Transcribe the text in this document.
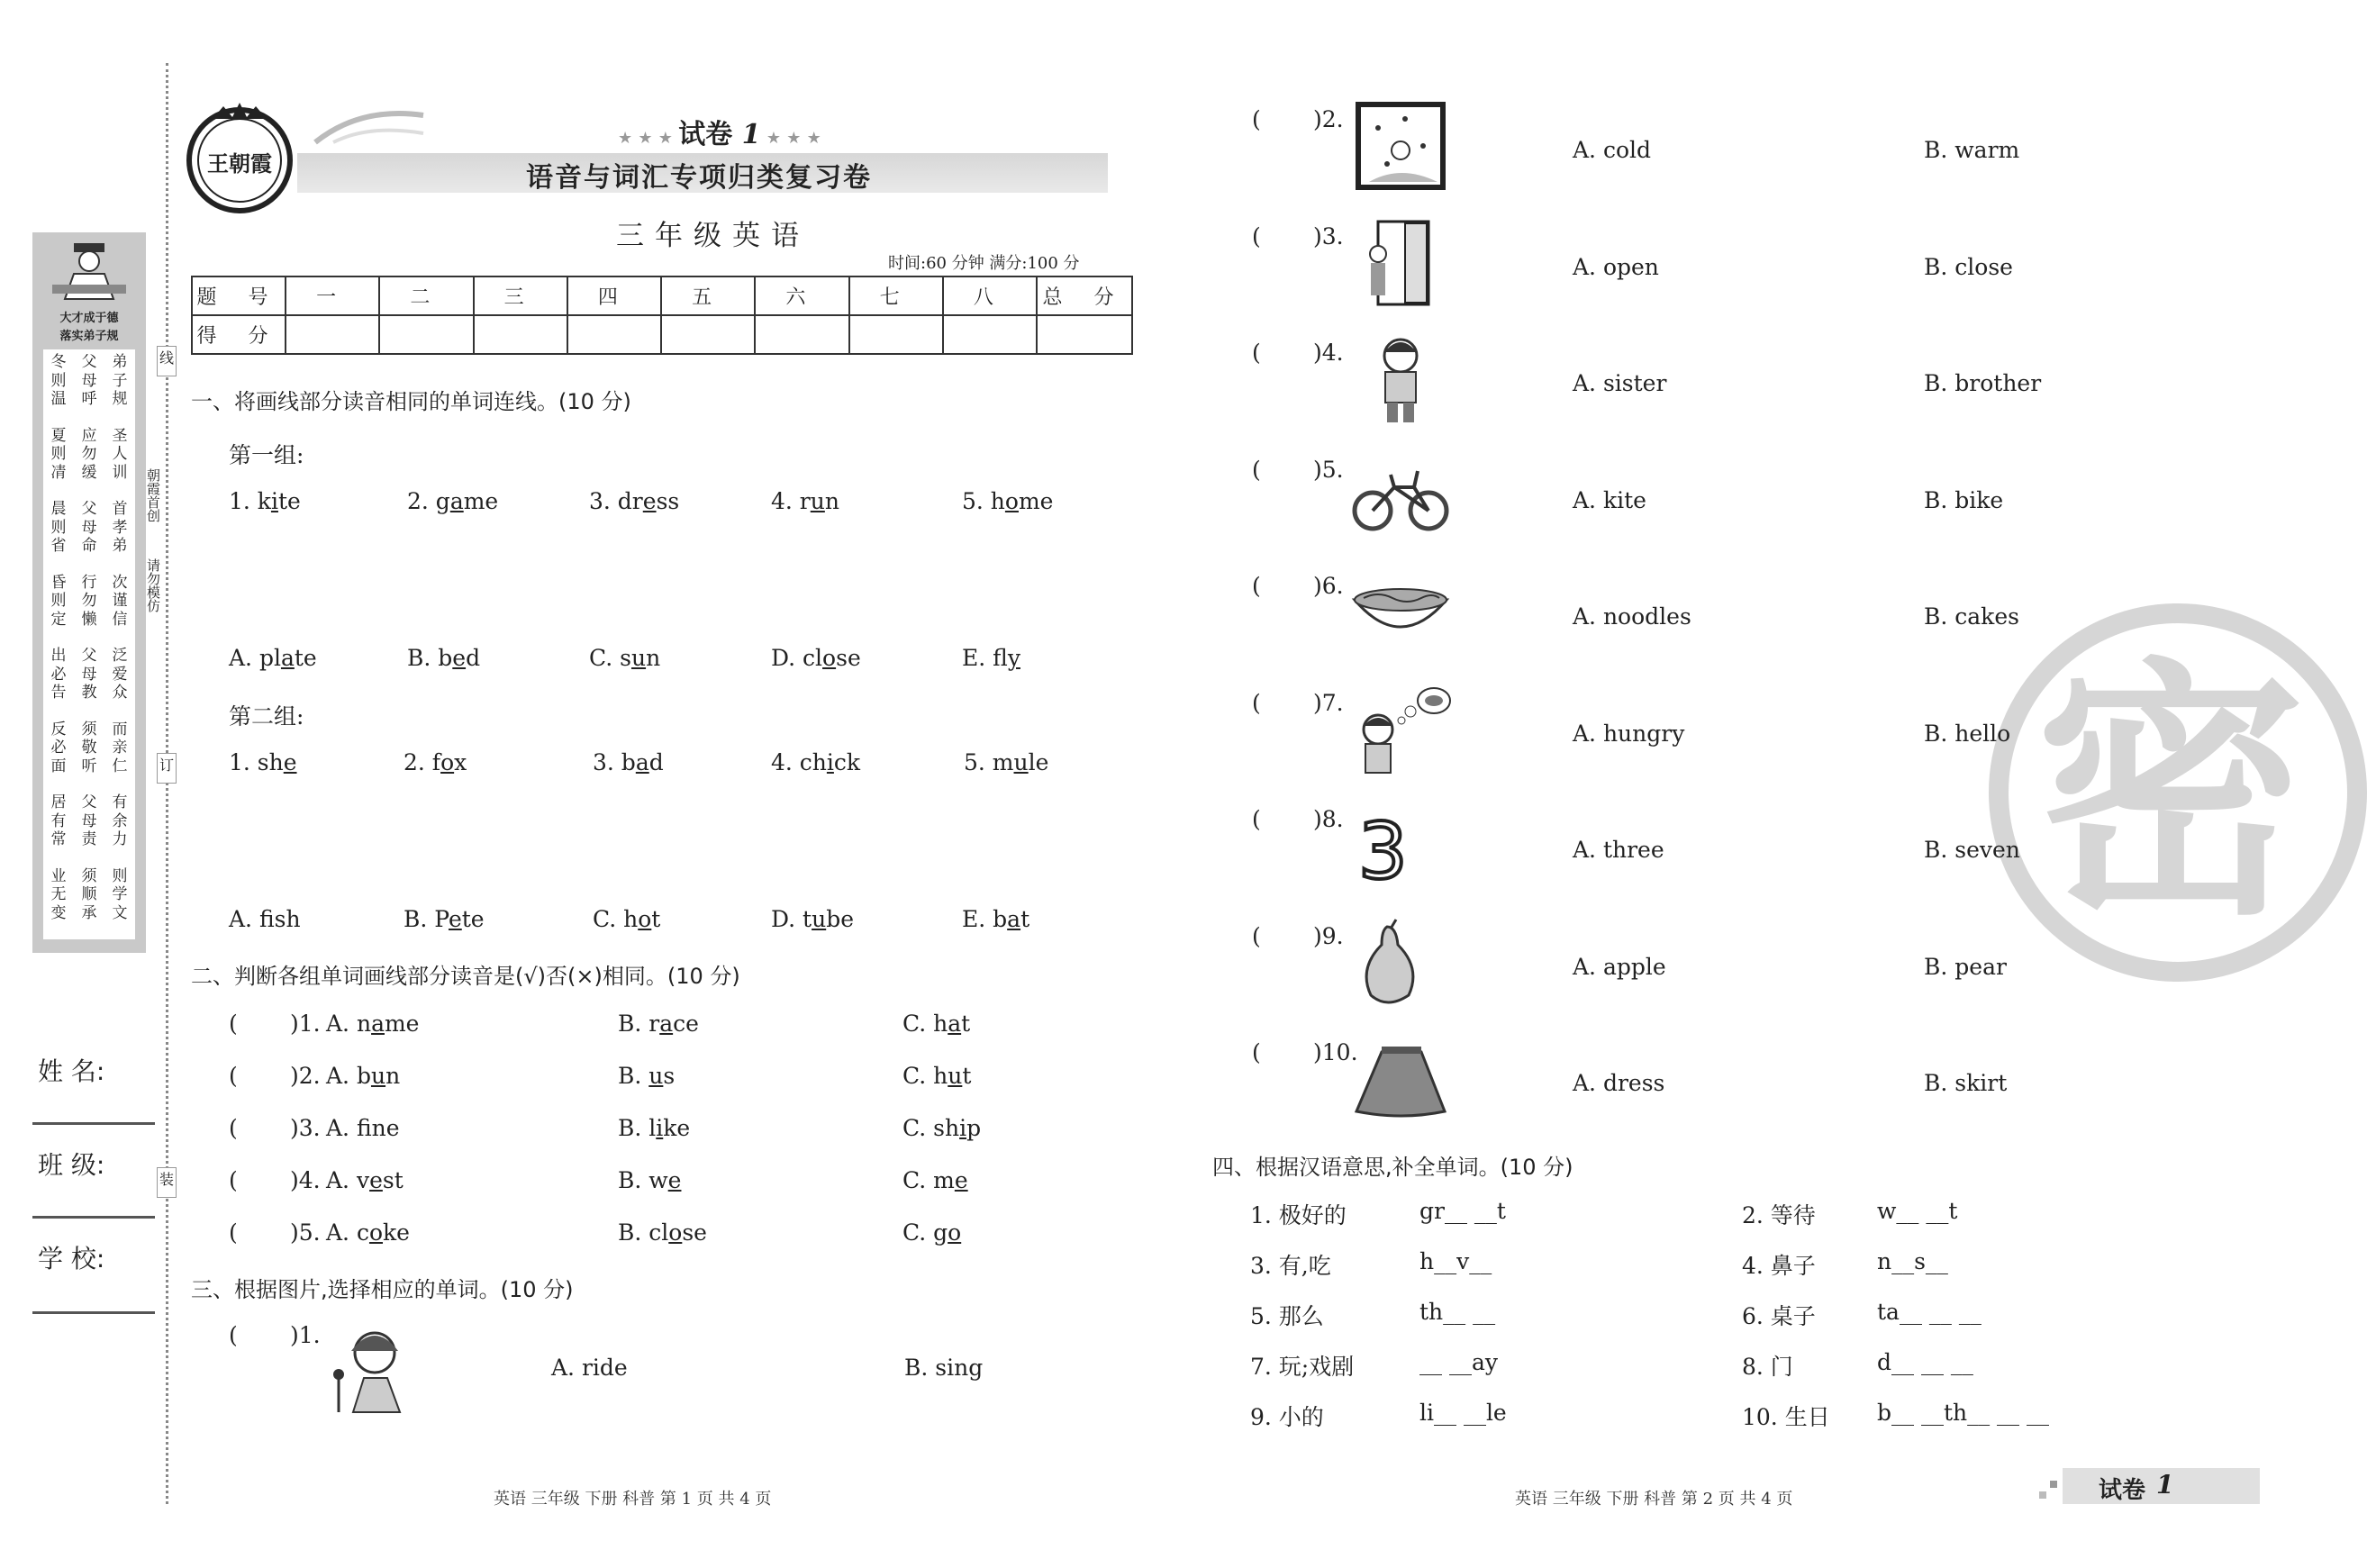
大才成于德
落实弟子规
冬
则
温
夏
则
凊
晨
则
省
昏
则
定
出
必
告
反
必
面
居
有
常
业
无
变
父
母
呼
应
勿
缓
父
母
命
行
勿
懒
父
母
教
须
敬
听
父
母
责
须
顺
承
弟
子
规
圣
人
训
首
孝
弟
次
谨
信
泛
爱
众
而
亲
仁
有
余
力
则
学
文
姓 名:
班 级:
学 校:
线
订
装
朝霞首创
请勿模仿
王朝霞
★ ★ ★ 试卷 1 ★ ★ ★
语音与词汇专项归类复习卷
三年级英语
时间:60 分钟 满分:100 分
题 号	一	二	三	四	五	六	七	八	总 分
得 分									
一、将画线部分读音相同的单词连线。(10 分)
第一组:
第二组:
二、判断各组单词画线部分读音是(√)否(×)相同。(10 分)
三、根据图片,选择相应的单词。(10 分)
四、根据汉语意思,补全单词。(10 分)
密
英语 三年级 下册 科普 第 1 页 共 4 页	英语 三年级 下册 科普 第 2 页 共 4 页	试卷 1
1. kite	2. game	3. dress	4. run	5. home
A. plate	B. bed	C. sun	D. close	E. fly
1. she	2. fox	3. bad	4. chick	5. mule
A. fsh	B. Pete	C. hot	D. tube	E. bat
( )1. A. name	B. race	C. hat
( )2. A. bun	B. us	C. hut
( )3. A. fne	B. like	C. ship
( )4. A. vest	B. we	C. me
( )5. A. coke	B. close	C. go
( )1.
A. ride	B. sing
( )2.
A. cold	B. warm
( )3.
A. open	B. close
( )4.
A. sister	B. brother
( )5.
A. kite	B. bike
( )6.
A. noodles	B. cakes
( )7.
A. hungry	B. hello
( )8. 3	A. three	B. seven
( )9.
A. apple	B. pear
( )10.
A. dress	B. skirt
1. 极好的	gr__ __t	2. 等待	w__ __t
3. 有,吃	h__v__	4. 鼻子	n__s__
5. 那么	th__ __	6. 桌子	ta__ __ __
7. 玩;戏剧	__ __ay	8. 门	d__ __ __
9. 小的	li__ __le	10. 生日 b__ __th__ __ __
